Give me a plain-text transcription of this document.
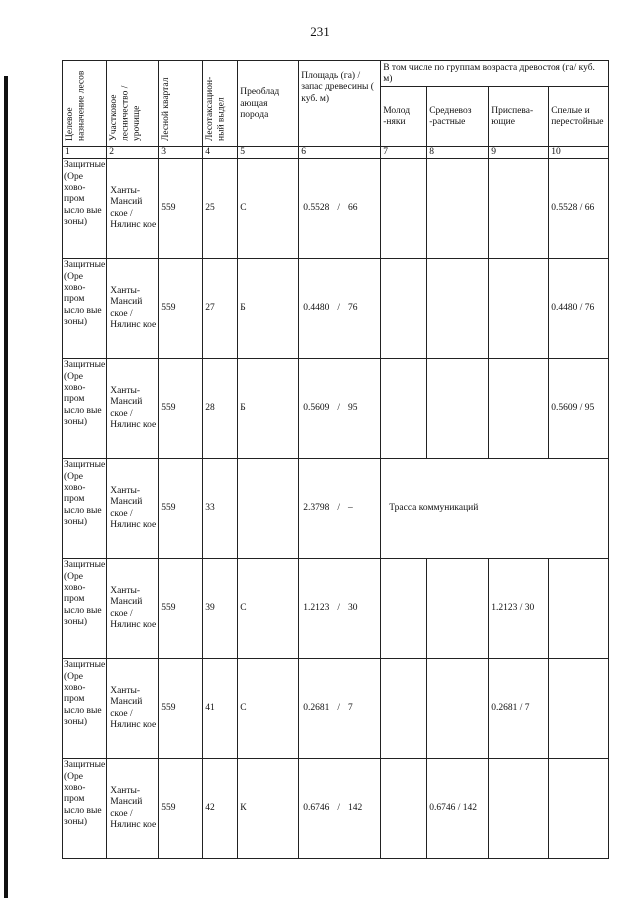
231
Целевое назначение лесов	Участковое лесничество / урочище	Лесной квартал	Лесотаксацион-ный выдел	Преоблад ающая порода	Площадь (га) / запас древесины ( куб. м)	В том числе по группам возраста древостоя (га/ куб. м)			
						Молод -няки	Средневоз -растные	Приспева- ющие	Спелые и перестойные
1	2	3	4	5	6	7	8	9	10
Защитные (Оре хово- пром ысло вые зоны)	Ханты- Мансий ское / Нялинс кое	559	25	С	0.5528 / 66				0.5528 / 66
Защитные (Оре хово- пром ысло вые зоны)	Ханты- Мансий ское / Нялинс кое	559	27	Б	0.4480 / 76				0.4480 / 76
Защитные (Оре хово- пром ысло вые зоны)	Ханты- Мансий ское / Нялинс кое	559	28	Б	0.5609 / 95				0.5609 / 95
Защитные (Оре хово- пром ысло вые зоны)	Ханты- Мансий ское / Нялинс кое	559	33		2.3798 / –	Трасса коммуникаций			
Защитные (Оре хово- пром ысло вые зоны)	Ханты- Мансий ское / Нялинс кое	559	39	С	1.2123 / 30			1.2123 / 30	
Защитные (Оре хово- пром ысло вые зоны)	Ханты- Мансий ское / Нялинс кое	559	41	С	0.2681 / 7			0.2681 / 7	
Защитные (Оре хово- пром ысло вые зоны)	Ханты- Мансий ское / Нялинс кое	559	42	К	0.6746 / 142		0.6746 / 142		
